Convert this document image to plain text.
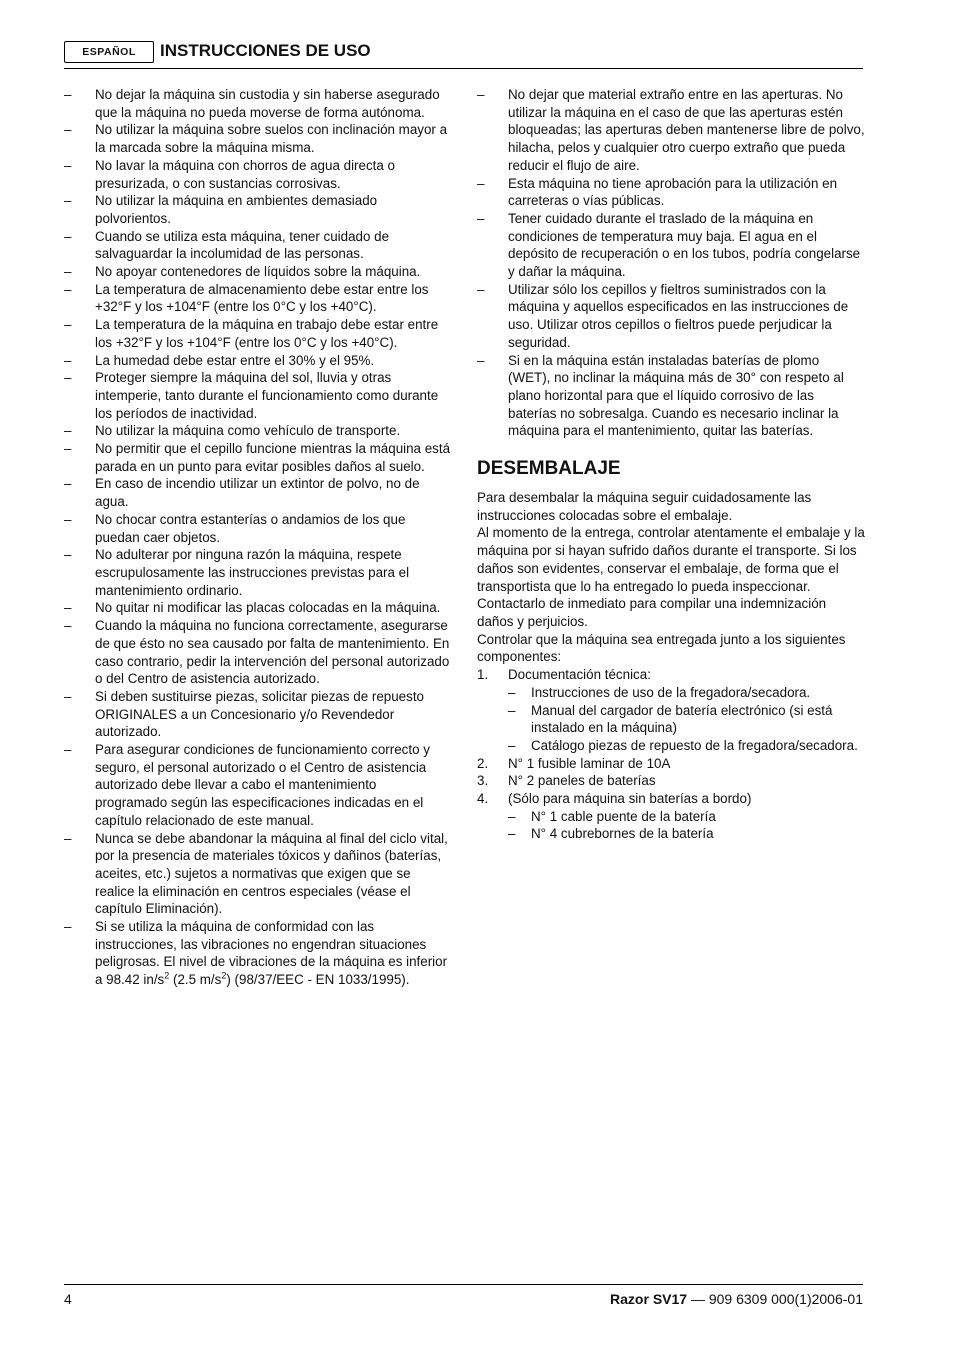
ESPAÑOL	INSTRUCCIONES DE USO
– No dejar la máquina sin custodia y sin haberse asegurado que la máquina no pueda moverse de forma autónoma.
– No utilizar la máquina sobre suelos con inclinación mayor a la marcada sobre la máquina misma.
– No lavar la máquina con chorros de agua directa o presurizada, o con sustancias corrosivas.
– No utilizar la máquina en ambientes demasiado polvorientos.
– Cuando se utiliza esta máquina, tener cuidado de salvaguardar la incolumidad de las personas.
– No apoyar contenedores de líquidos sobre la máquina.
– La temperatura de almacenamiento debe estar entre los +32°F y los +104°F (entre los 0°C y los +40°C).
– La temperatura de la máquina en trabajo debe estar entre los +32°F y los +104°F (entre los 0°C y los +40°C).
– La humedad debe estar entre el 30% y el 95%.
– Proteger siempre la máquina del sol, lluvia y otras intemperie, tanto durante el funcionamiento como durante los períodos de inactividad.
– No utilizar la máquina como vehículo de transporte.
– No permitir que el cepillo funcione mientras la máquina está parada en un punto para evitar posibles daños al suelo.
– En caso de incendio utilizar un extintor de polvo, no de agua.
– No chocar contra estanterías o andamios de los que puedan caer objetos.
– No adulterar por ninguna razón la máquina, respete escrupulosamente las instrucciones previstas para el mantenimiento ordinario.
– No quitar ni modificar las placas colocadas en la máquina.
– Cuando la máquina no funciona correctamente, asegurarse de que ésto no sea causado por falta de mantenimiento. En caso contrario, pedir la intervención del personal autorizado o del Centro de asistencia autorizado.
– Si deben sustituirse piezas, solicitar piezas de repuesto ORIGINALES a un Concesionario y/o Revendedor autorizado.
– Para asegurar condiciones de funcionamiento correcto y seguro, el personal autorizado o el Centro de asistencia autorizado debe llevar a cabo el mantenimiento programado según las especificaciones indicadas en el capítulo relacionado de este manual.
– Nunca se debe abandonar la máquina al final del ciclo vital, por la presencia de materiales tóxicos y dañinos (baterías, aceites, etc.) sujetos a normativas que exigen que se realice la eliminación en centros especiales (véase el capítulo Eliminación).
– Si se utiliza la máquina de conformidad con las instrucciones, las vibraciones no engendran situaciones peligrosas. El nivel de vibraciones de la máquina es inferior a 98.42 $in/s^2$ (2.5 $m/s^2$) (98/37/EEC - EN 1033/1995).
– No dejar que material extraño entre en las aperturas. No utilizar la máquina en el caso de que las aperturas estén bloqueadas; las aperturas deben mantenerse libre de polvo, hilacha, pelos y cualquier otro cuerpo extraño que pueda reducir el flujo de aire.
– Esta máquina no tiene aprobación para la utilización en carreteras o vías públicas.
– Tener cuidado durante el traslado de la máquina en condiciones de temperatura muy baja. El agua en el depósito de recuperación o en los tubos, podría congelarse y dañar la máquina.
– Utilizar sólo los cepillos y fieltros suministrados con la máquina y aquellos especificados en las instrucciones de uso. Utilizar otros cepillos o fieltros puede perjudicar la seguridad.
– Si en la máquina están instaladas baterías de plomo (WET), no inclinar la máquina más de 30° con respeto al plano horizontal para que el líquido corrosivo de las baterías no sobresalga. Cuando es necesario inclinar la máquina para el mantenimiento, quitar las baterías.
DESEMBALAJE

Para desembalar la máquina seguir cuidadosamente las instrucciones colocadas sobre el embalaje.

Al momento de la entrega, controlar atentamente el embalaje y la máquina por si hayan sufrido daños durante el transporte. Si los daños son evidentes, conservar el embalaje, de forma que el transportista que lo ha entregado lo pueda inspeccionar. Contactarlo de inmediato para compilar una indemnización daños y perjuicios.

Controlar que la máquina sea entregada junto a los siguientes componentes:

1. Documentación técnica:
– Instrucciones de uso de la fregadora/secadora.
– Manual del cargador de batería electrónico (si está instalado en la máquina)
– Catálogo piezas de repuesto de la fregadora/secadora.
2. N° 1 fusible laminar de 10A
3. N° 2 paneles de baterías
4. (Sólo para máquina sin baterías a bordo)
– N° 1 cable puente de la batería
– N° 4 cubrebornes de la batería
4	Razor SV17 — 909 6309 000(1)2006-01
